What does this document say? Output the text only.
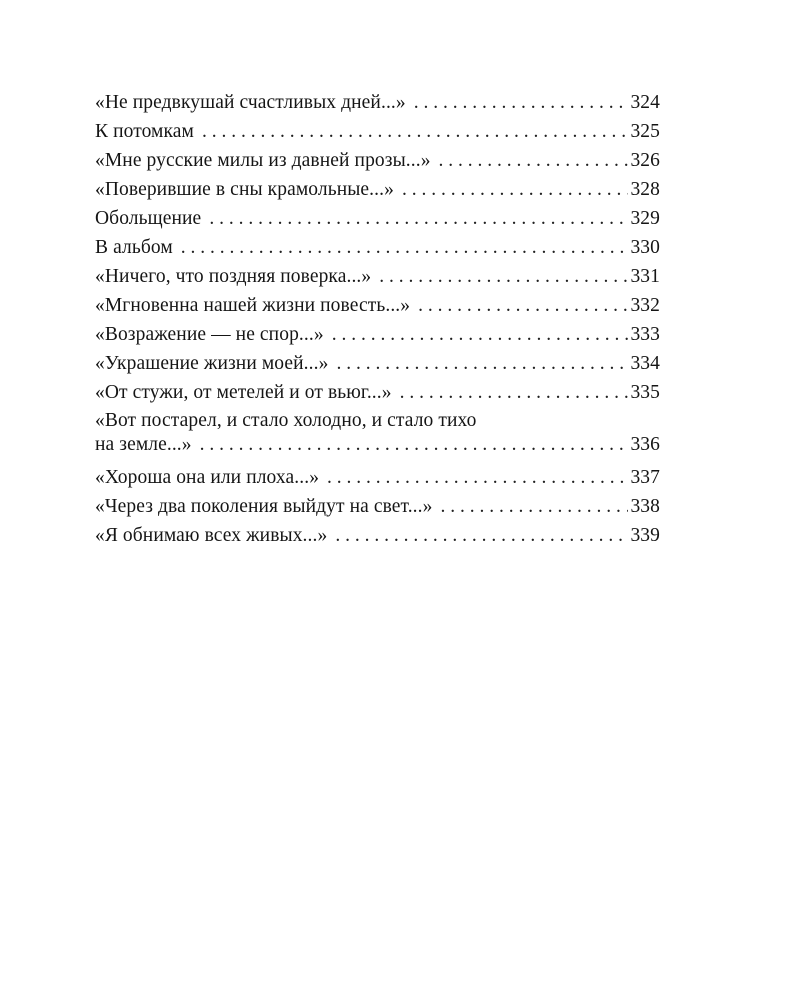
«Не предвкушай счастливых дней...» . . .	324
К потомкам . . .	325
«Мне русские милы из давней прозы...» . . .	326
«Поверившие в сны крамольные...» . . .	328
Обольщение . . .	329
В альбом . . .	330
«Ничего, что поздняя поверка...» . . .	331
«Мгновенна нашей жизни повесть...» . . .	332
«Возражение — не спор...» . . .	333
«Украшение жизни моей...» . . .	334
«От стужи, от метелей и от вьюг...» . . .	335
«Вот постарел, и стало холодно, и стало тихо
на земле...» . . .	336
«Хороша она или плоха...» . . .	337
«Через два поколения выйдут на свет...» . . .	338
«Я обнимаю всех живых...» . . .	339
